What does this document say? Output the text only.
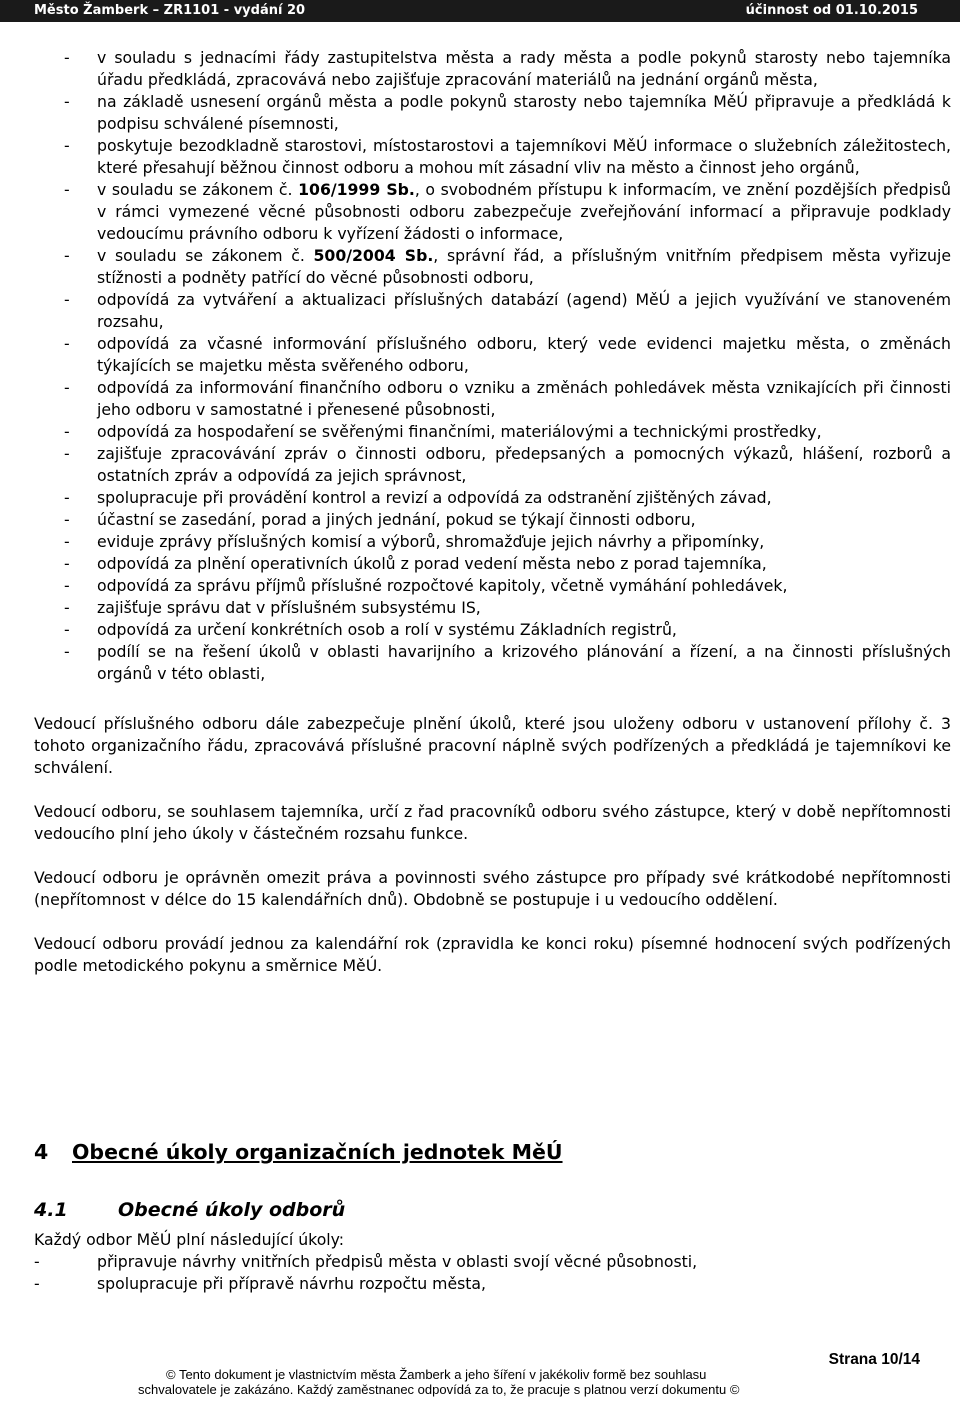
Město Žamberk – ZR1101 - vydání 20	účinnost od 01.10.2015
- v souladu s jednacími řády zastupitelstva města a rady města a podle pokynů starosty nebo tajemníka úřadu předkládá, zpracovává nebo zajišťuje zpracování materiálů na jednání orgánů města,
- na základě usnesení orgánů města a podle pokynů starosty nebo tajemníka MěÚ připravuje a předkládá k podpisu schválené písemnosti,
- poskytuje bezodkladně starostovi, místostarostovi a tajemníkovi MěÚ informace o služebních záležitostech, které přesahují běžnou činnost odboru a mohou mít zásadní vliv na město a činnost jeho orgánů,
- v souladu se zákonem č. 106/1999 Sb., o svobodném přístupu k informacím, ve znění pozdějších předpisů v rámci vymezené věcné působnosti odboru zabezpečuje zveřejňování informací a připravuje podklady vedoucímu právního odboru k vyřízení žádosti o informace,
- v souladu se zákonem č. 500/2004 Sb., správní řád, a příslušným vnitřním předpisem města vyřizuje stížnosti a podněty patřící do věcné působnosti odboru,
- odpovídá za vytváření a aktualizaci příslušných databází (agend) MěÚ a jejich využívání ve stanoveném rozsahu,
- odpovídá za včasné informování příslušného odboru, který vede evidenci majetku města, o změnách týkajících se majetku města svěřeného odboru,
- odpovídá za informování finančního odboru o vzniku a změnách pohledávek města vznikajících při činnosti jeho odboru v samostatné i přenesené působnosti,
- odpovídá za hospodaření se svěřenými finančními, materiálovými a technickými prostředky,
- zajišťuje zpracovávání zpráv o činnosti odboru, předepsaných a pomocných výkazů, hlášení, rozborů a ostatních zpráv a odpovídá za jejich správnost,
- spolupracuje při provádění kontrol a revizí a odpovídá za odstranění zjištěných závad,
- účastní se zasedání, porad a jiných jednání, pokud se týkají činnosti odboru,
- eviduje zprávy příslušných komisí a výborů, shromažďuje jejich návrhy a připomínky,
- odpovídá za plnění operativních úkolů z porad vedení města nebo z porad tajemníka,
- odpovídá za správu příjmů příslušné rozpočtové kapitoly, včetně vymáhání pohledávek,
- zajišťuje správu dat v příslušném subsystému IS,
- odpovídá za určení konkrétních osob a rolí v systému Základních registrů,
- podílí se na řešení úkolů v oblasti havarijního a krizového plánování a řízení, a na činnosti příslušných orgánů v této oblasti,

Vedoucí příslušného odboru dále zabezpečuje plnění úkolů, které jsou uloženy odboru v ustanovení přílohy č. 3 tohoto organizačního řádu, zpracovává příslušné pracovní náplně svých podřízených a předkládá je tajemníkovi ke schválení.

Vedoucí odboru, se souhlasem tajemníka, určí z řad pracovníků odboru svého zástupce, který v době nepřítomnosti vedoucího plní jeho úkoly v částečném rozsahu funkce.

Vedoucí odboru je oprávněn omezit práva a povinnosti svého zástupce pro případy své krátkodobé nepřítomnosti (nepřítomnost v délce do 15 kalendářních dnů). Obdobně se postupuje i u vedoucího oddělení.

Vedoucí odboru provádí jednou za kalendářní rok (zpravidla ke konci roku) písemné hodnocení svých podřízených podle metodického pokynu a směrnice MěÚ.

4 Obecné úkoly organizačních jednotek MěÚ
4.1	Obecné úkoly odborů

Každý odbor MěÚ plní následující úkoly:

-	připravuje návrhy vnitřních předpisů města v oblasti svojí věcné působnosti,
-	spolupracuje při přípravě návrhu rozpočtu města,
Strana 10/14
© Tento dokument je vlastnictvím města Žamberk a jeho šíření v jakékoliv formě bez souhlasu
schvalovatele je zakázáno. Každý zaměstnanec odpovídá za to, že pracuje s platnou verzí dokumentu ©
